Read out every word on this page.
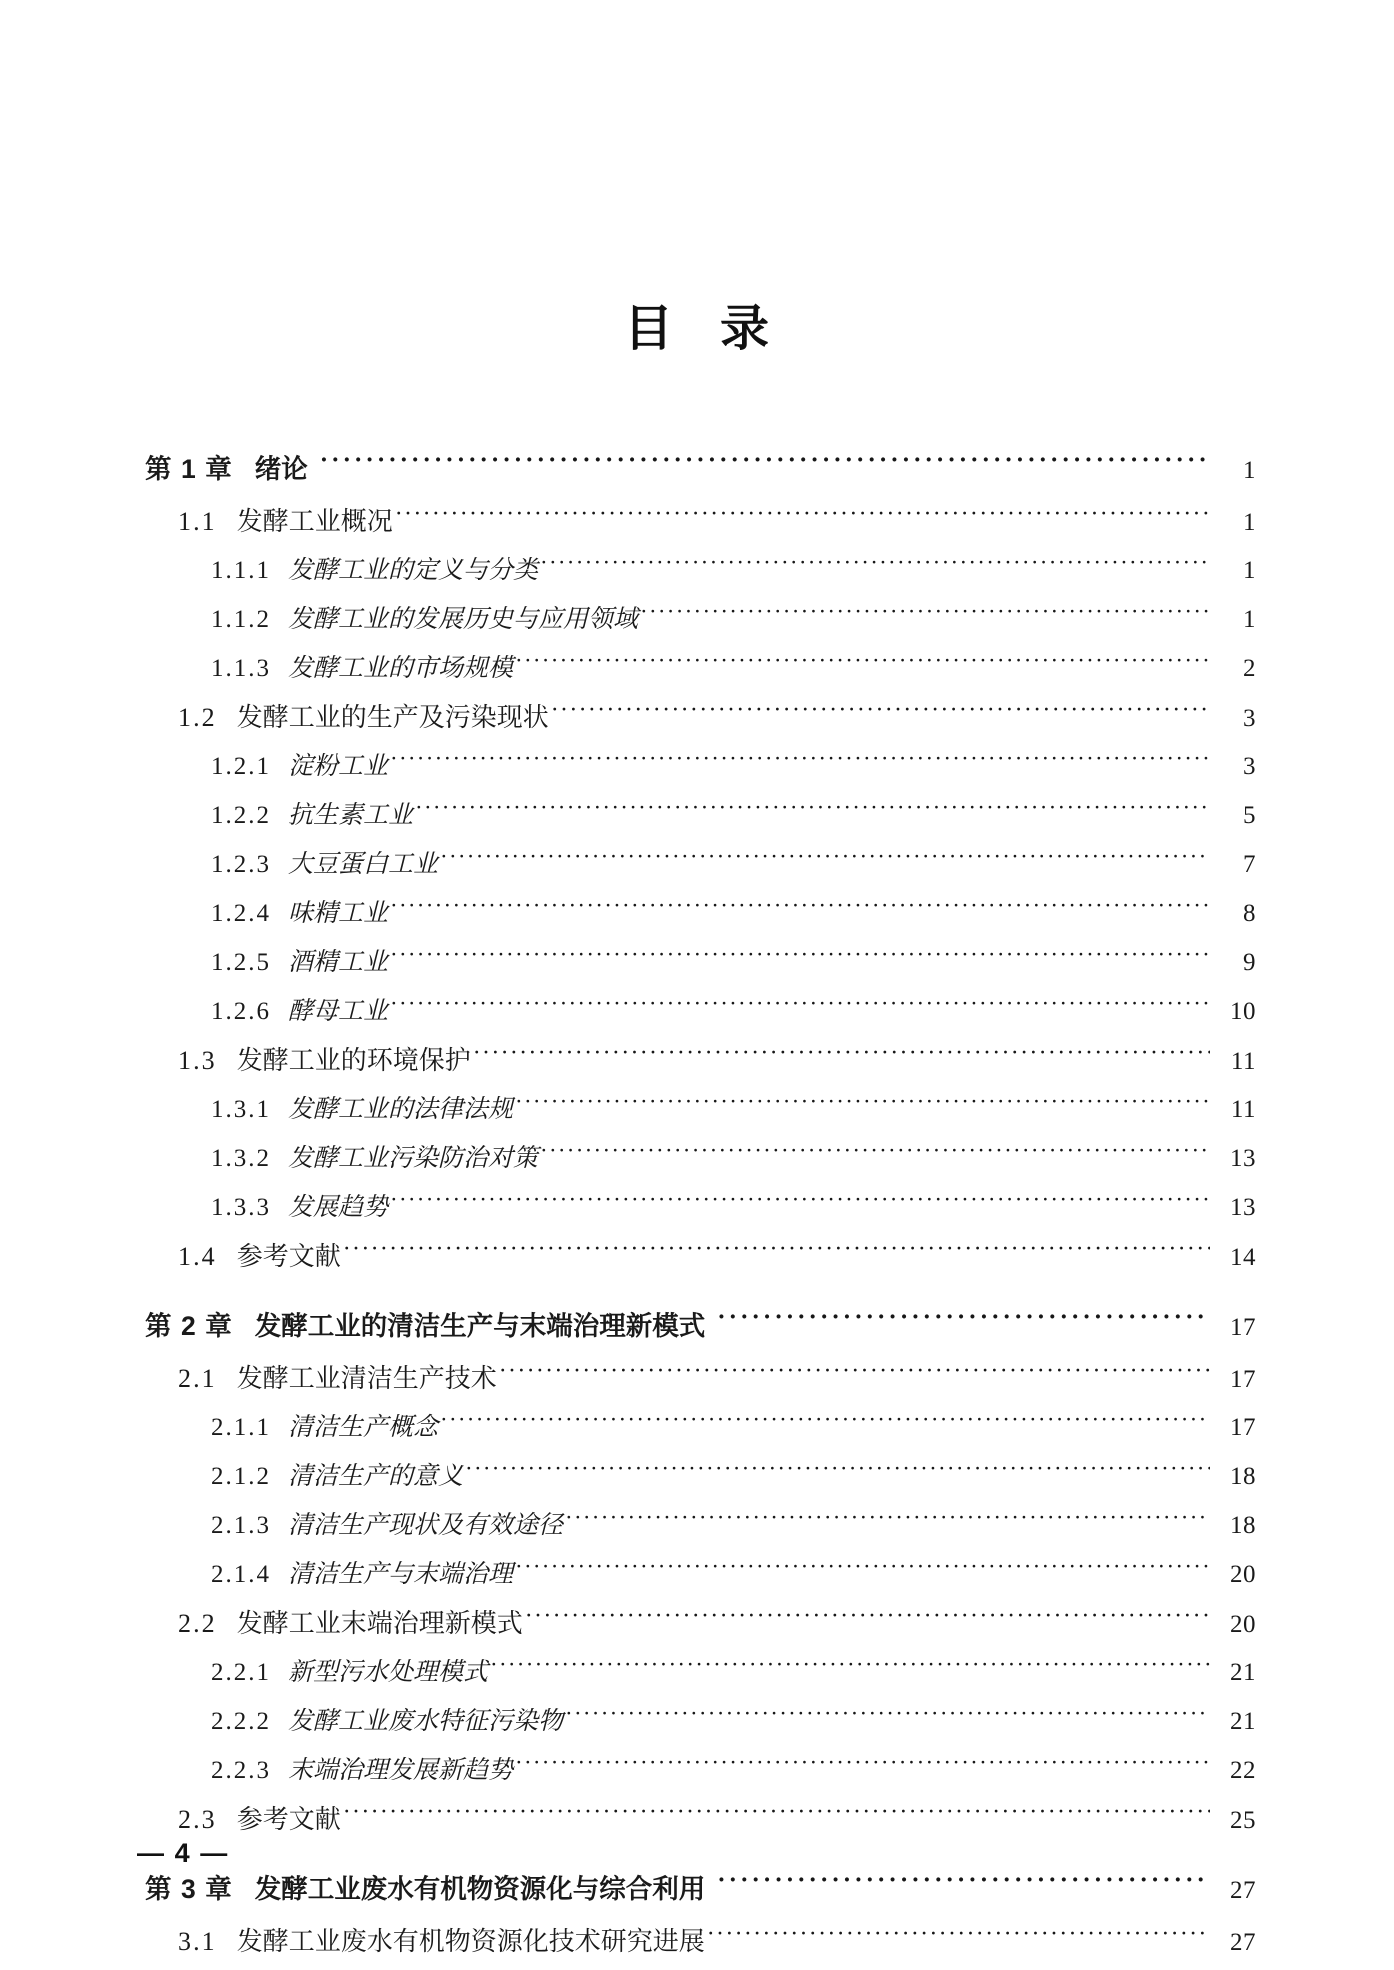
目 录
第 1 章 绪论 ·····	1
1.1 发酵工业概况 ·····	1
1.1.1 发酵工业的定义与分类 ·····	1
1.1.2 发酵工业的发展历史与应用领域 ·····	1
1.1.3 发酵工业的市场规模 ·····	2
1.2 发酵工业的生产及污染现状 ·····	3
1.2.1 淀粉工业 ·····	3
1.2.2 抗生素工业 ·····	5
1.2.3 大豆蛋白工业 ·····	7
1.2.4 味精工业 ·····	8
1.2.5 酒精工业 ·····	9
1.2.6 酵母工业 ·····	10
1.3 发酵工业的环境保护 ·····	11
1.3.1 发酵工业的法律法规 ·····	11
1.3.2 发酵工业污染防治对策 ·····	13
1.3.3 发展趋势 ·····	13
1.4 参考文献 ·····	14
第 2 章 发酵工业的清洁生产与末端治理新模式 ·····	17
2.1 发酵工业清洁生产技术 ·····	17
2.1.1 清洁生产概念 ·····	17
2.1.2 清洁生产的意义 ·····	18
2.1.3 清洁生产现状及有效途径 ·····	18
2.1.4 清洁生产与末端治理 ·····	20
2.2 发酵工业末端治理新模式 ·····	20
2.2.1 新型污水处理模式 ·····	21
2.2.2 发酵工业废水特征污染物 ·····	21
2.2.3 末端治理发展新趋势 ·····	22
2.3 参考文献 ·····	25
第 3 章 发酵工业废水有机物资源化与综合利用 ·····	27
3.1 发酵工业废水有机物资源化技术研究进展 ·····	27
— 4 —
